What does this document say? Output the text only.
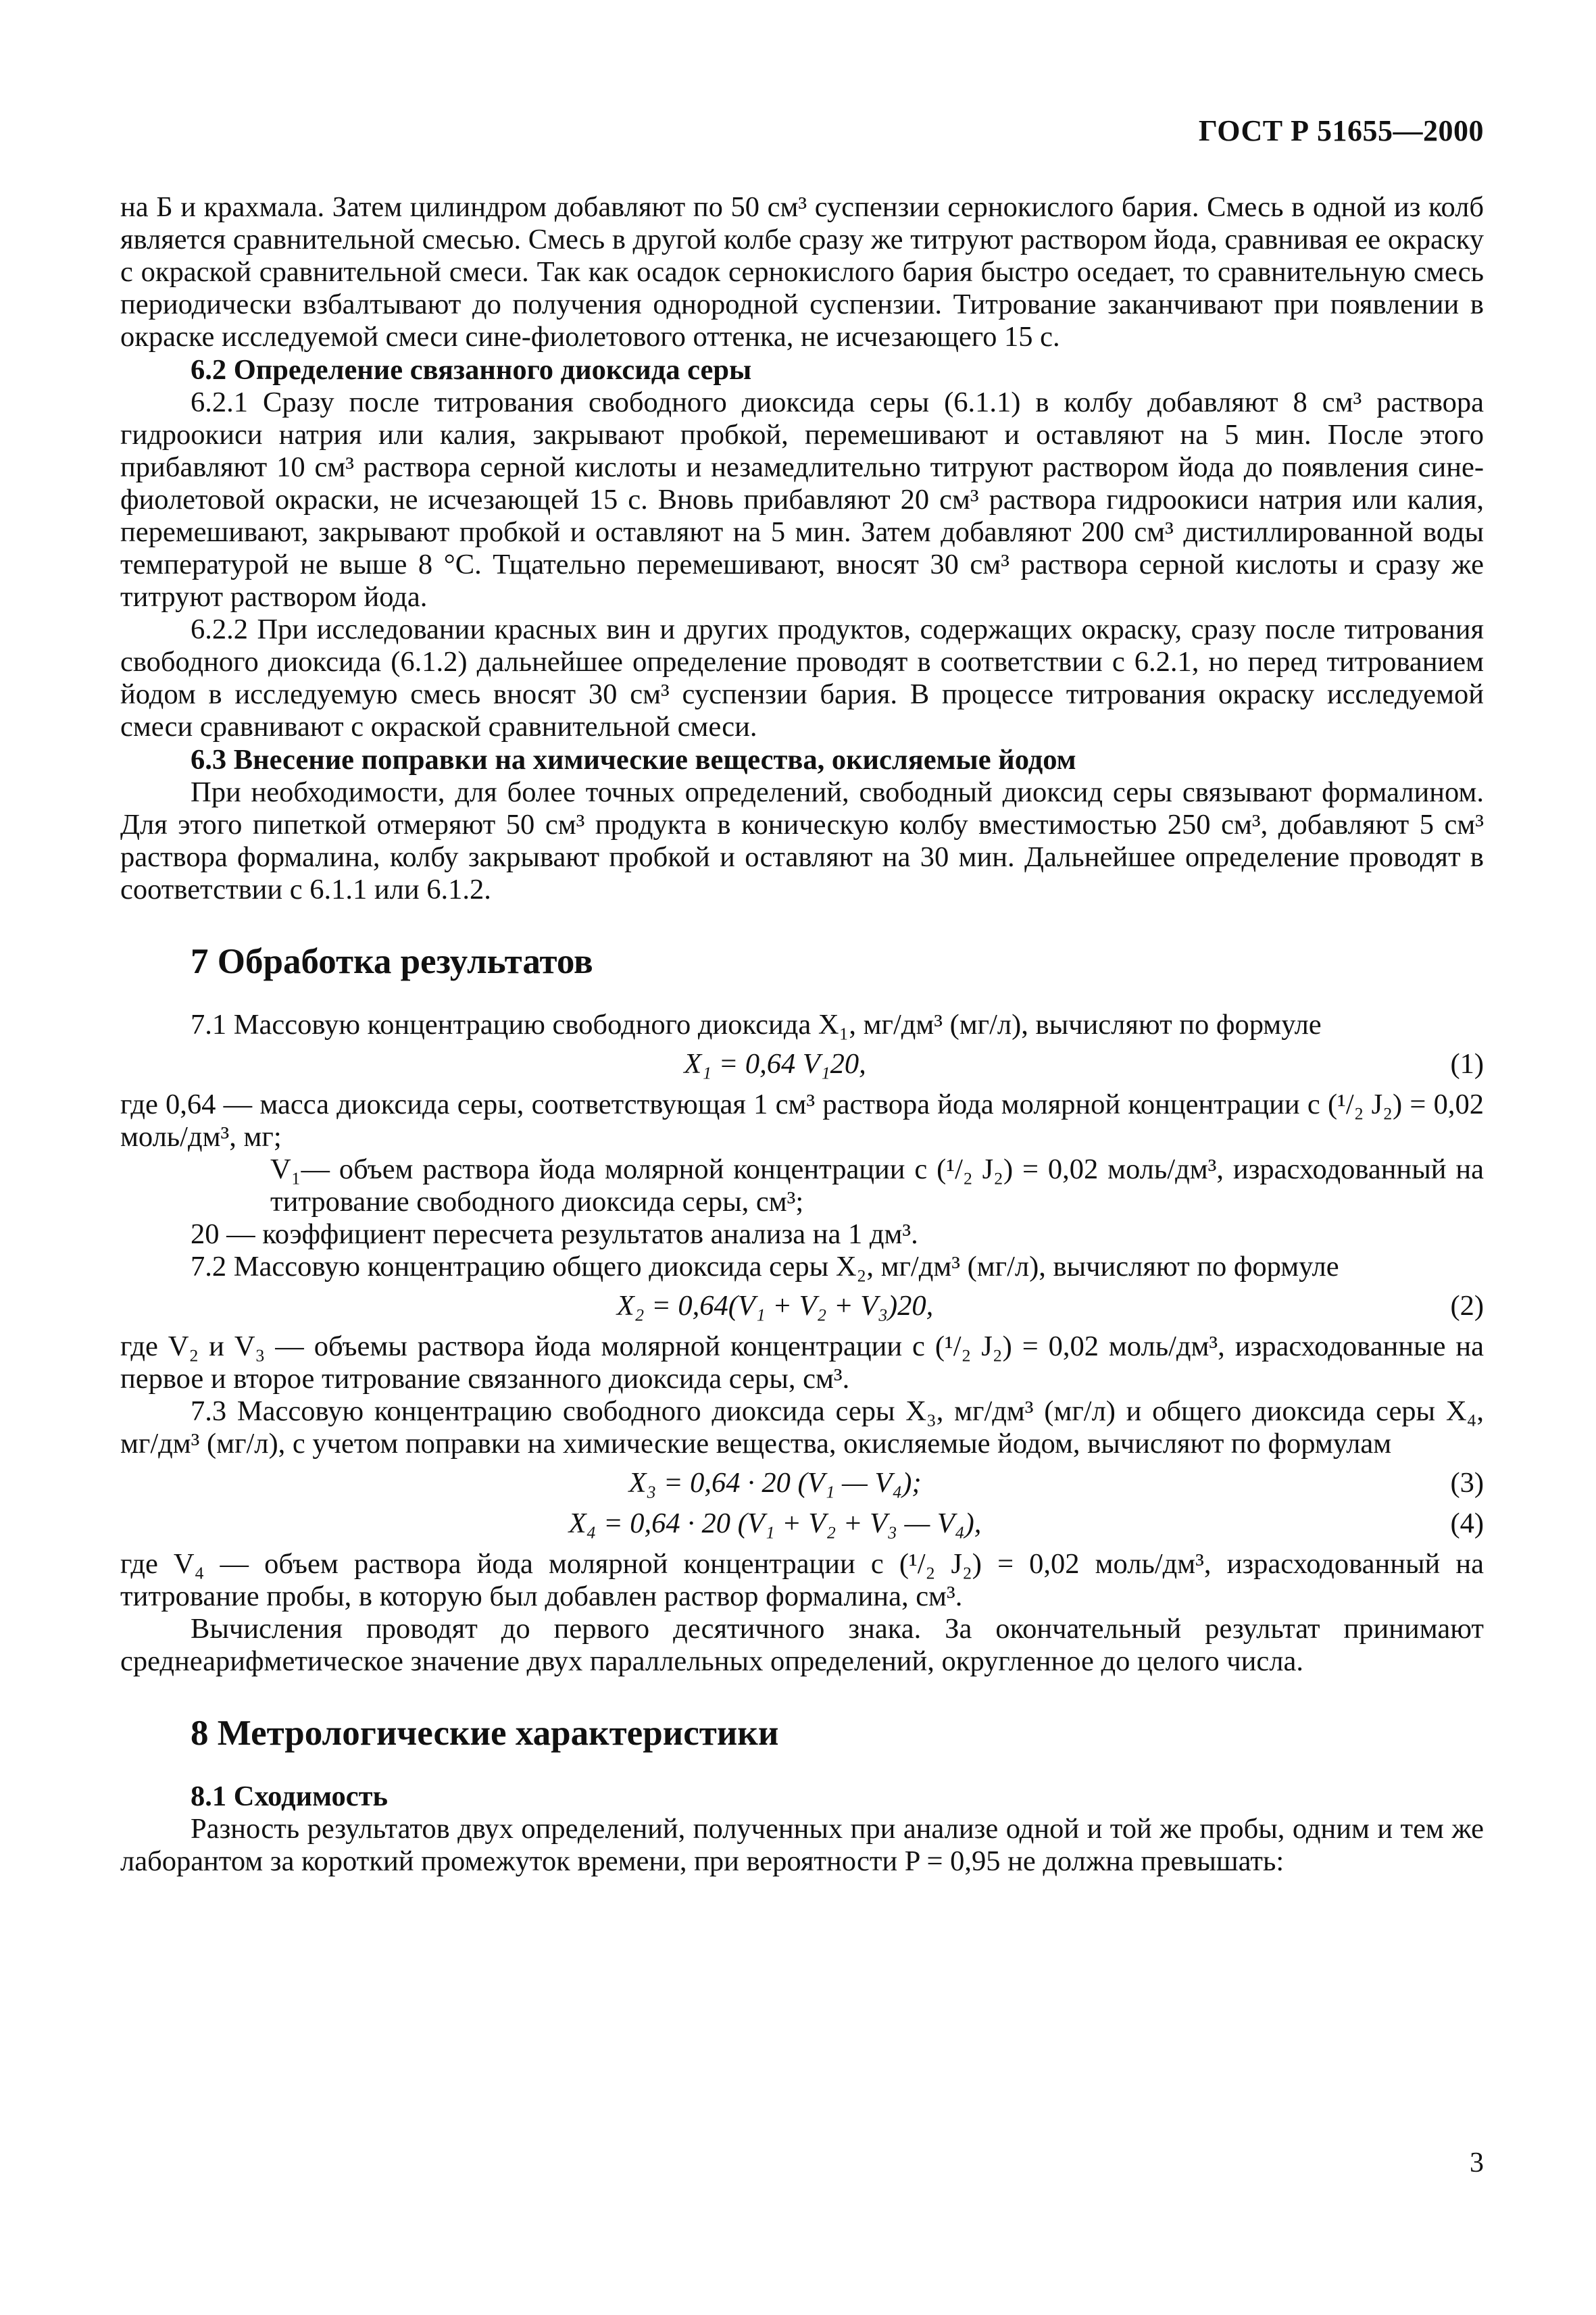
ГОСТ Р 51655—2000

на Б и крахмала. Затем цилиндром добавляют по 50 см³ суспензии сернокислого бария. Смесь в одной из колб является сравнительной смесью. Смесь в другой колбе сразу же титруют раствором йода, сравнивая ее окраску с окраской сравнительной смеси. Так как осадок сернокислого бария быстро оседает, то сравнительную смесь периодически взбалтывают до получения однородной суспензии. Титрование заканчивают при появлении в окраске исследуемой смеси сине-фиолетового оттенка, не исчезающего 15 с.

6.2 Определение связанного диоксида серы

6.2.1 Сразу после титрования свободного диоксида серы (6.1.1) в колбу добавляют 8 см³ раствора гидроокиси натрия или калия, закрывают пробкой, перемешивают и оставляют на 5 мин. После этого прибавляют 10 см³ раствора серной кислоты и незамедлительно титруют раствором йода до появления сине-фиолетовой окраски, не исчезающей 15 с. Вновь прибавляют 20 см³ раствора гидроокиси натрия или калия, перемешивают, закрывают пробкой и оставляют на 5 мин. Затем добавляют 200 см³ дистиллированной воды температурой не выше 8 °С. Тщательно перемешивают, вносят 30 см³ раствора серной кислоты и сразу же титруют раствором йода.

6.2.2 При исследовании красных вин и других продуктов, содержащих окраску, сразу после титрования свободного диоксида (6.1.2) дальнейшее определение проводят в соответствии с 6.2.1, но перед титрованием йодом в исследуемую смесь вносят 30 см³ суспензии бария. В процессе титрования окраску исследуемой смеси сравнивают с окраской сравнительной смеси.

6.3 Внесение поправки на химические вещества, окисляемые йодом

При необходимости, для более точных определений, свободный диоксид серы связывают формалином. Для этого пипеткой отмеряют 50 см³ продукта в коническую колбу вместимостью 250 см³, добавляют 5 см³ раствора формалина, колбу закрывают пробкой и оставляют на 30 мин. Дальнейшее определение проводят в соответствии с 6.1.1 или 6.1.2.

7 Обработка результатов

7.1 Массовую концентрацию свободного диоксида X₁, мг/дм³ (мг/л), вычисляют по формуле

X₁ = 0,64 V₁20,	(1)

где 0,64 — масса диоксида серы, соответствующая 1 см³ раствора йода молярной концентрации c (¹/₂ J₂) = 0,02 моль/дм³, мг;

V₁— объем раствора йода молярной концентрации c (¹/₂ J₂) = 0,02 моль/дм³, израсходованный на титрование свободного диоксида серы, см³;

20 — коэффициент пересчета результатов анализа на 1 дм³.

7.2 Массовую концентрацию общего диоксида серы X₂, мг/дм³ (мг/л), вычисляют по формуле

X₂ = 0,64(V₁ + V₂ + V₃)20,	(2)

где V₂ и V₃ — объемы раствора йода молярной концентрации c (¹/₂ J₂) = 0,02 моль/дм³, израсходованные на первое и второе титрование связанного диоксида серы, см³.

7.3 Массовую концентрацию свободного диоксида серы X₃, мг/дм³ (мг/л) и общего диоксида серы X₄, мг/дм³ (мг/л), с учетом поправки на химические вещества, окисляемые йодом, вычисляют по формулам

X₃ = 0,64 · 20 (V₁ — V₄);	(3)
X₄ = 0,64 · 20 (V₁ + V₂ + V₃ — V₄),	(4)

где V₄ — объем раствора йода молярной концентрации c (¹/₂ J₂) = 0,02 моль/дм³, израсходованный на титрование пробы, в которую был добавлен раствор формалина, см³.

Вычисления проводят до первого десятичного знака. За окончательный результат принимают среднеарифметическое значение двух параллельных определений, округленное до целого числа.

8 Метрологические характеристики

8.1 Сходимость

Разность результатов двух определений, полученных при анализе одной и той же пробы, одним и тем же лаборантом за короткий промежуток времени, при вероятности P = 0,95 не должна превышать:

3
